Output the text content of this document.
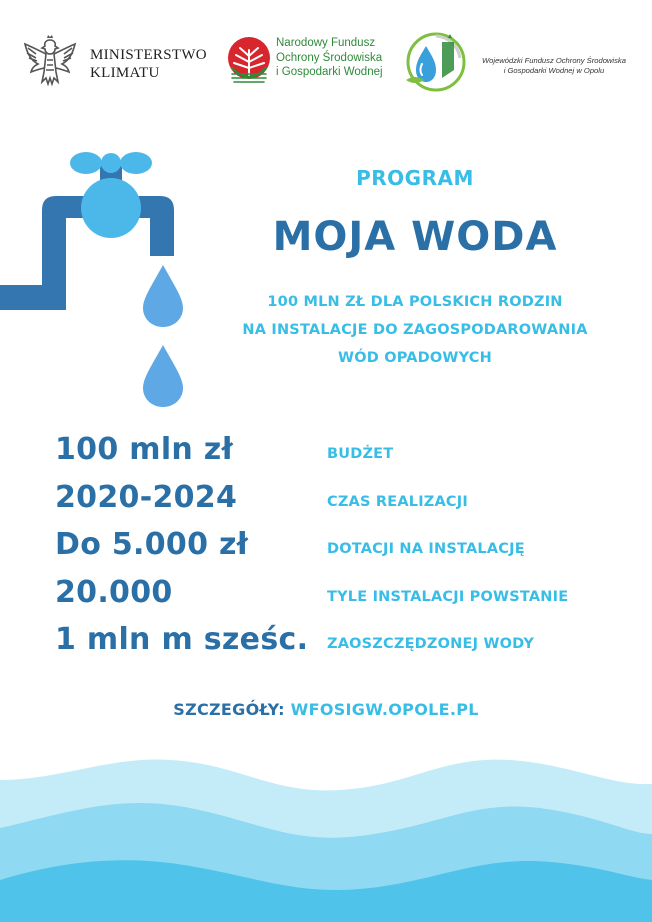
MINISTERSTWO
KLIMATU
Narodowy Fundusz
Ochrony Środowiska
i Gospodarki Wodnej
Wojewódzki Fundusz Ochrony Środowiska
i Gospodarki Wodnej w Opolu
PROGRAM
MOJA WODA
100 MLN ZŁ DLA POLSKICH RODZIN
NA INSTALACJE DO ZAGOSPODAROWANIA
WÓD OPADOWYCH
100 mln zł	BUDŻET
2020-2024	CZAS REALIZACJI
Do 5.000 zł	DOTACJI NA INSTALACJĘ
20.000	TYLE INSTALACJI POWSTANIE
1 mln m sześc. ZAOSZCZĘDZONEJ WODY
SZCZEGÓŁY: WFOSIGW.OPOLE.PL
